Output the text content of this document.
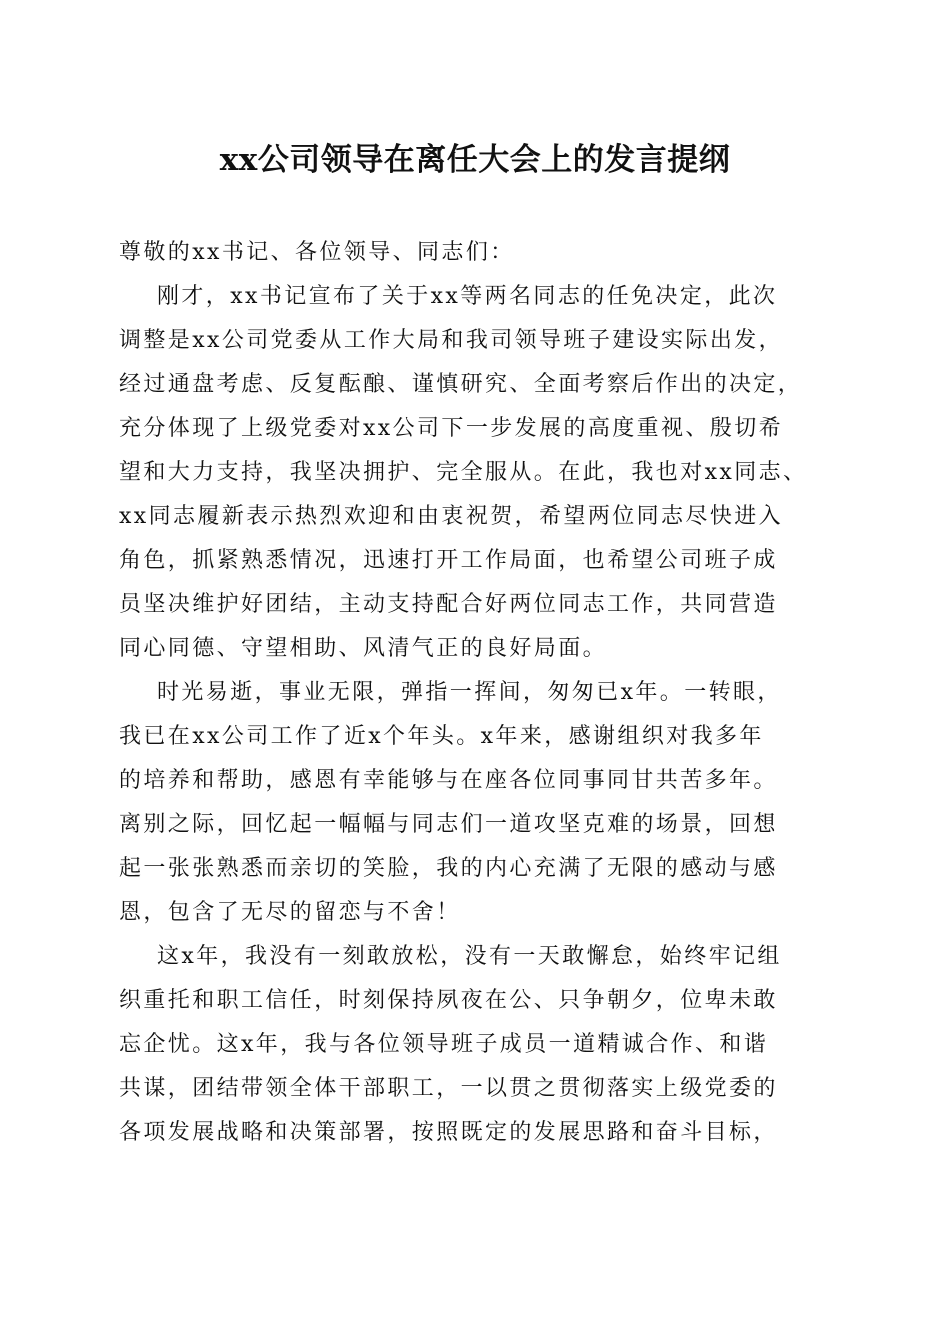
xx公司领导在离任大会上的发言提纲
尊敬的xx书记、各位领导、同志们：
刚才，xx书记宣布了关于xx等两名同志的任免决定，此次
调整是xx公司党委从工作大局和我司领导班子建设实际出发，
经过通盘考虑、反复酝酿、谨慎研究、全面考察后作出的决定，
充分体现了上级党委对xx公司下一步发展的高度重视、殷切希
望和大力支持，我坚决拥护、完全服从。在此，我也对xx同志、
xx同志履新表示热烈欢迎和由衷祝贺，希望两位同志尽快进入
角色，抓紧熟悉情况，迅速打开工作局面，也希望公司班子成
员坚决维护好团结，主动支持配合好两位同志工作，共同营造
同心同德、守望相助、风清气正的良好局面。
时光易逝，事业无限，弹指一挥间，匆匆已x年。一转眼，
我已在xx公司工作了近x个年头。x年来，感谢组织对我多年
的培养和帮助，感恩有幸能够与在座各位同事同甘共苦多年。
离别之际，回忆起一幅幅与同志们一道攻坚克难的场景，回想
起一张张熟悉而亲切的笑脸，我的内心充满了无限的感动与感
恩，包含了无尽的留恋与不舍！
这x年，我没有一刻敢放松，没有一天敢懈怠，始终牢记组
织重托和职工信任，时刻保持夙夜在公、只争朝夕，位卑未敢
忘企忧。这x年，我与各位领导班子成员一道精诚合作、和谐
共谋，团结带领全体干部职工，一以贯之贯彻落实上级党委的
各项发展战略和决策部署，按照既定的发展思路和奋斗目标，
